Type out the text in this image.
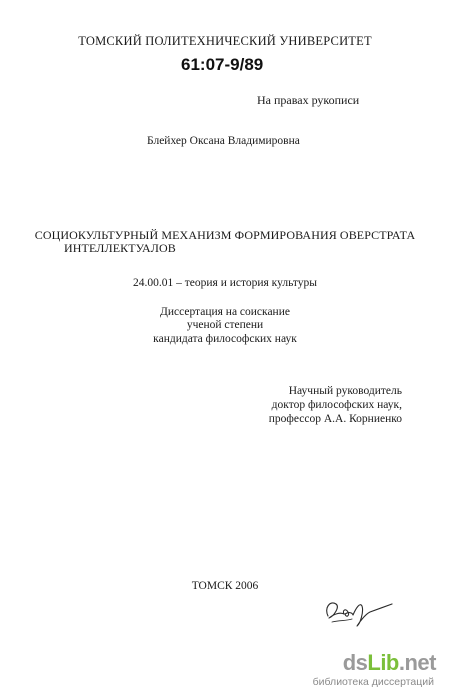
ТОМСКИЙ ПОЛИТЕХНИЧЕСКИЙ УНИВЕРСИТЕТ
61:07-9/89
На правах рукописи
Блейхер Оксана Владимировна
СОЦИОКУЛЬТУРНЫЙ МЕХАНИЗМ ФОРМИРОВАНИЯ ОВЕРСТРАТА
ИНТЕЛЛЕКТУАЛОВ
24.00.01 – теория и история культуры
Диссертация на соискание
ученой степени
кандидата философских наук
Научный руководитель
доктор философских наук,
профессор А.А. Корниенко
ТОМСК 2006
dsLib.net
библиотека диссертаций
